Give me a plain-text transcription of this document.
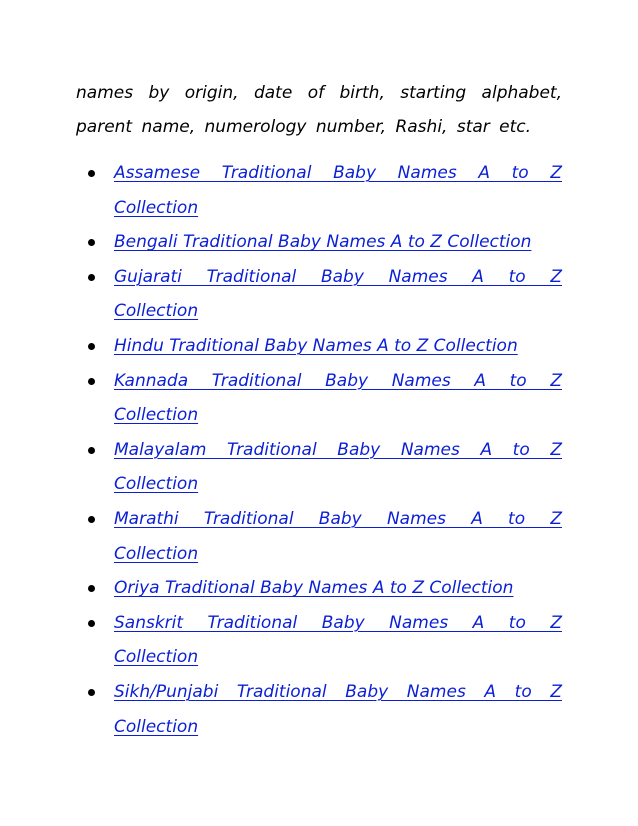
names by origin, date of birth, starting alphabet,
parent name, numerology number, Rashi, star etc.

Assamese Traditional Baby Names A to Z
Collection
Bengali Traditional Baby Names A to Z Collection
Gujarati Traditional Baby Names A to Z
Collection
Hindu Traditional Baby Names A to Z Collection
Kannada Traditional Baby Names A to Z
Collection
Malayalam Traditional Baby Names A to Z
Collection
Marathi Traditional Baby Names A to Z
Collection
Oriya Traditional Baby Names A to Z Collection
Sanskrit Traditional Baby Names A to Z
Collection
Sikh/Punjabi Traditional Baby Names A to Z
Collection
